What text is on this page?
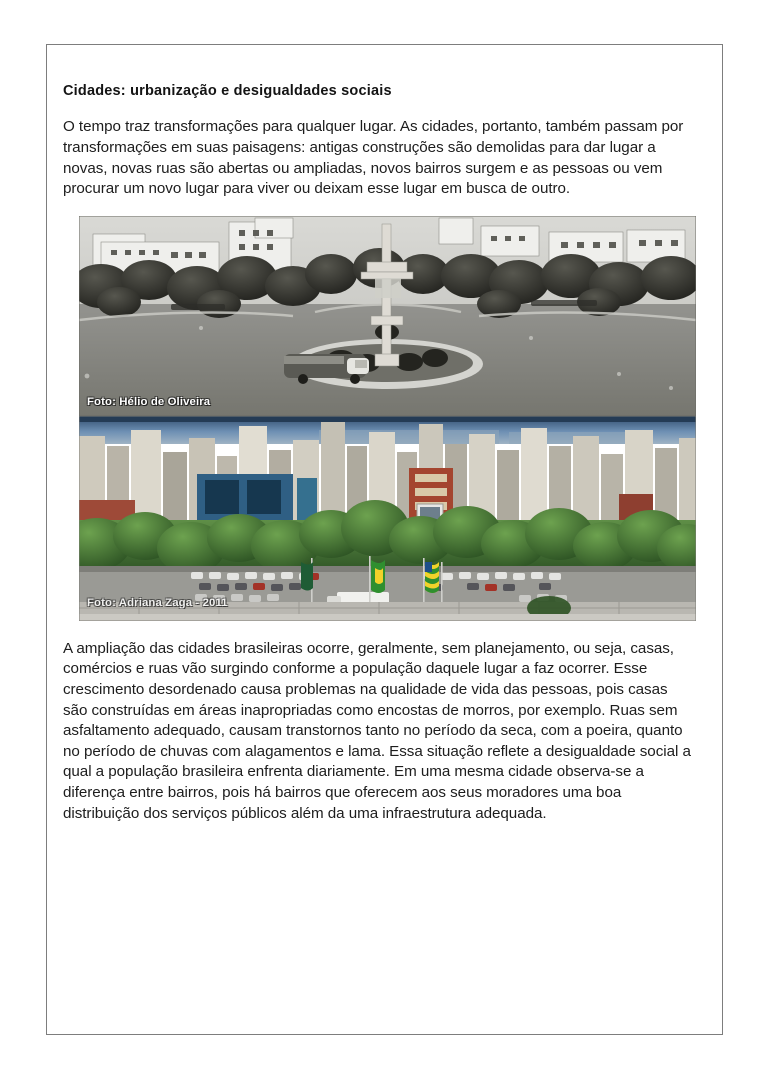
Cidades: urbanização e desigualdades sociais

O tempo traz transformações para qualquer lugar. As cidades, portanto, também passam por transformações em suas paisagens: antigas construções são demolidas para dar lugar a novas, novas ruas são abertas ou ampliadas, novos bairros surgem e as pessoas ou vem procurar um novo lugar para viver ou deixam esse lugar em busca de outro.

Foto: Hélio de Oliveira
Foto: Adriana Zaga - 2011

A ampliação das cidades brasileiras ocorre, geralmente, sem planejamento, ou seja, casas, comércios e ruas vão surgindo conforme a população daquele lugar a faz ocorrer. Esse crescimento desordenado causa problemas na qualidade de vida das pessoas, pois casas são construídas em áreas inapropriadas como encostas de morros, por exemplo. Ruas sem asfaltamento adequado, causam transtornos tanto no período da seca, com a poeira, quanto no período de chuvas com alagamentos e lama. Essa situação reflete a desigualdade social a qual a população brasileira enfrenta diariamente. Em uma mesma cidade observa-se a diferença entre bairros, pois há bairros que oferecem aos seus moradores uma boa distribuição dos serviços públicos além da uma infraestrutura adequada.
